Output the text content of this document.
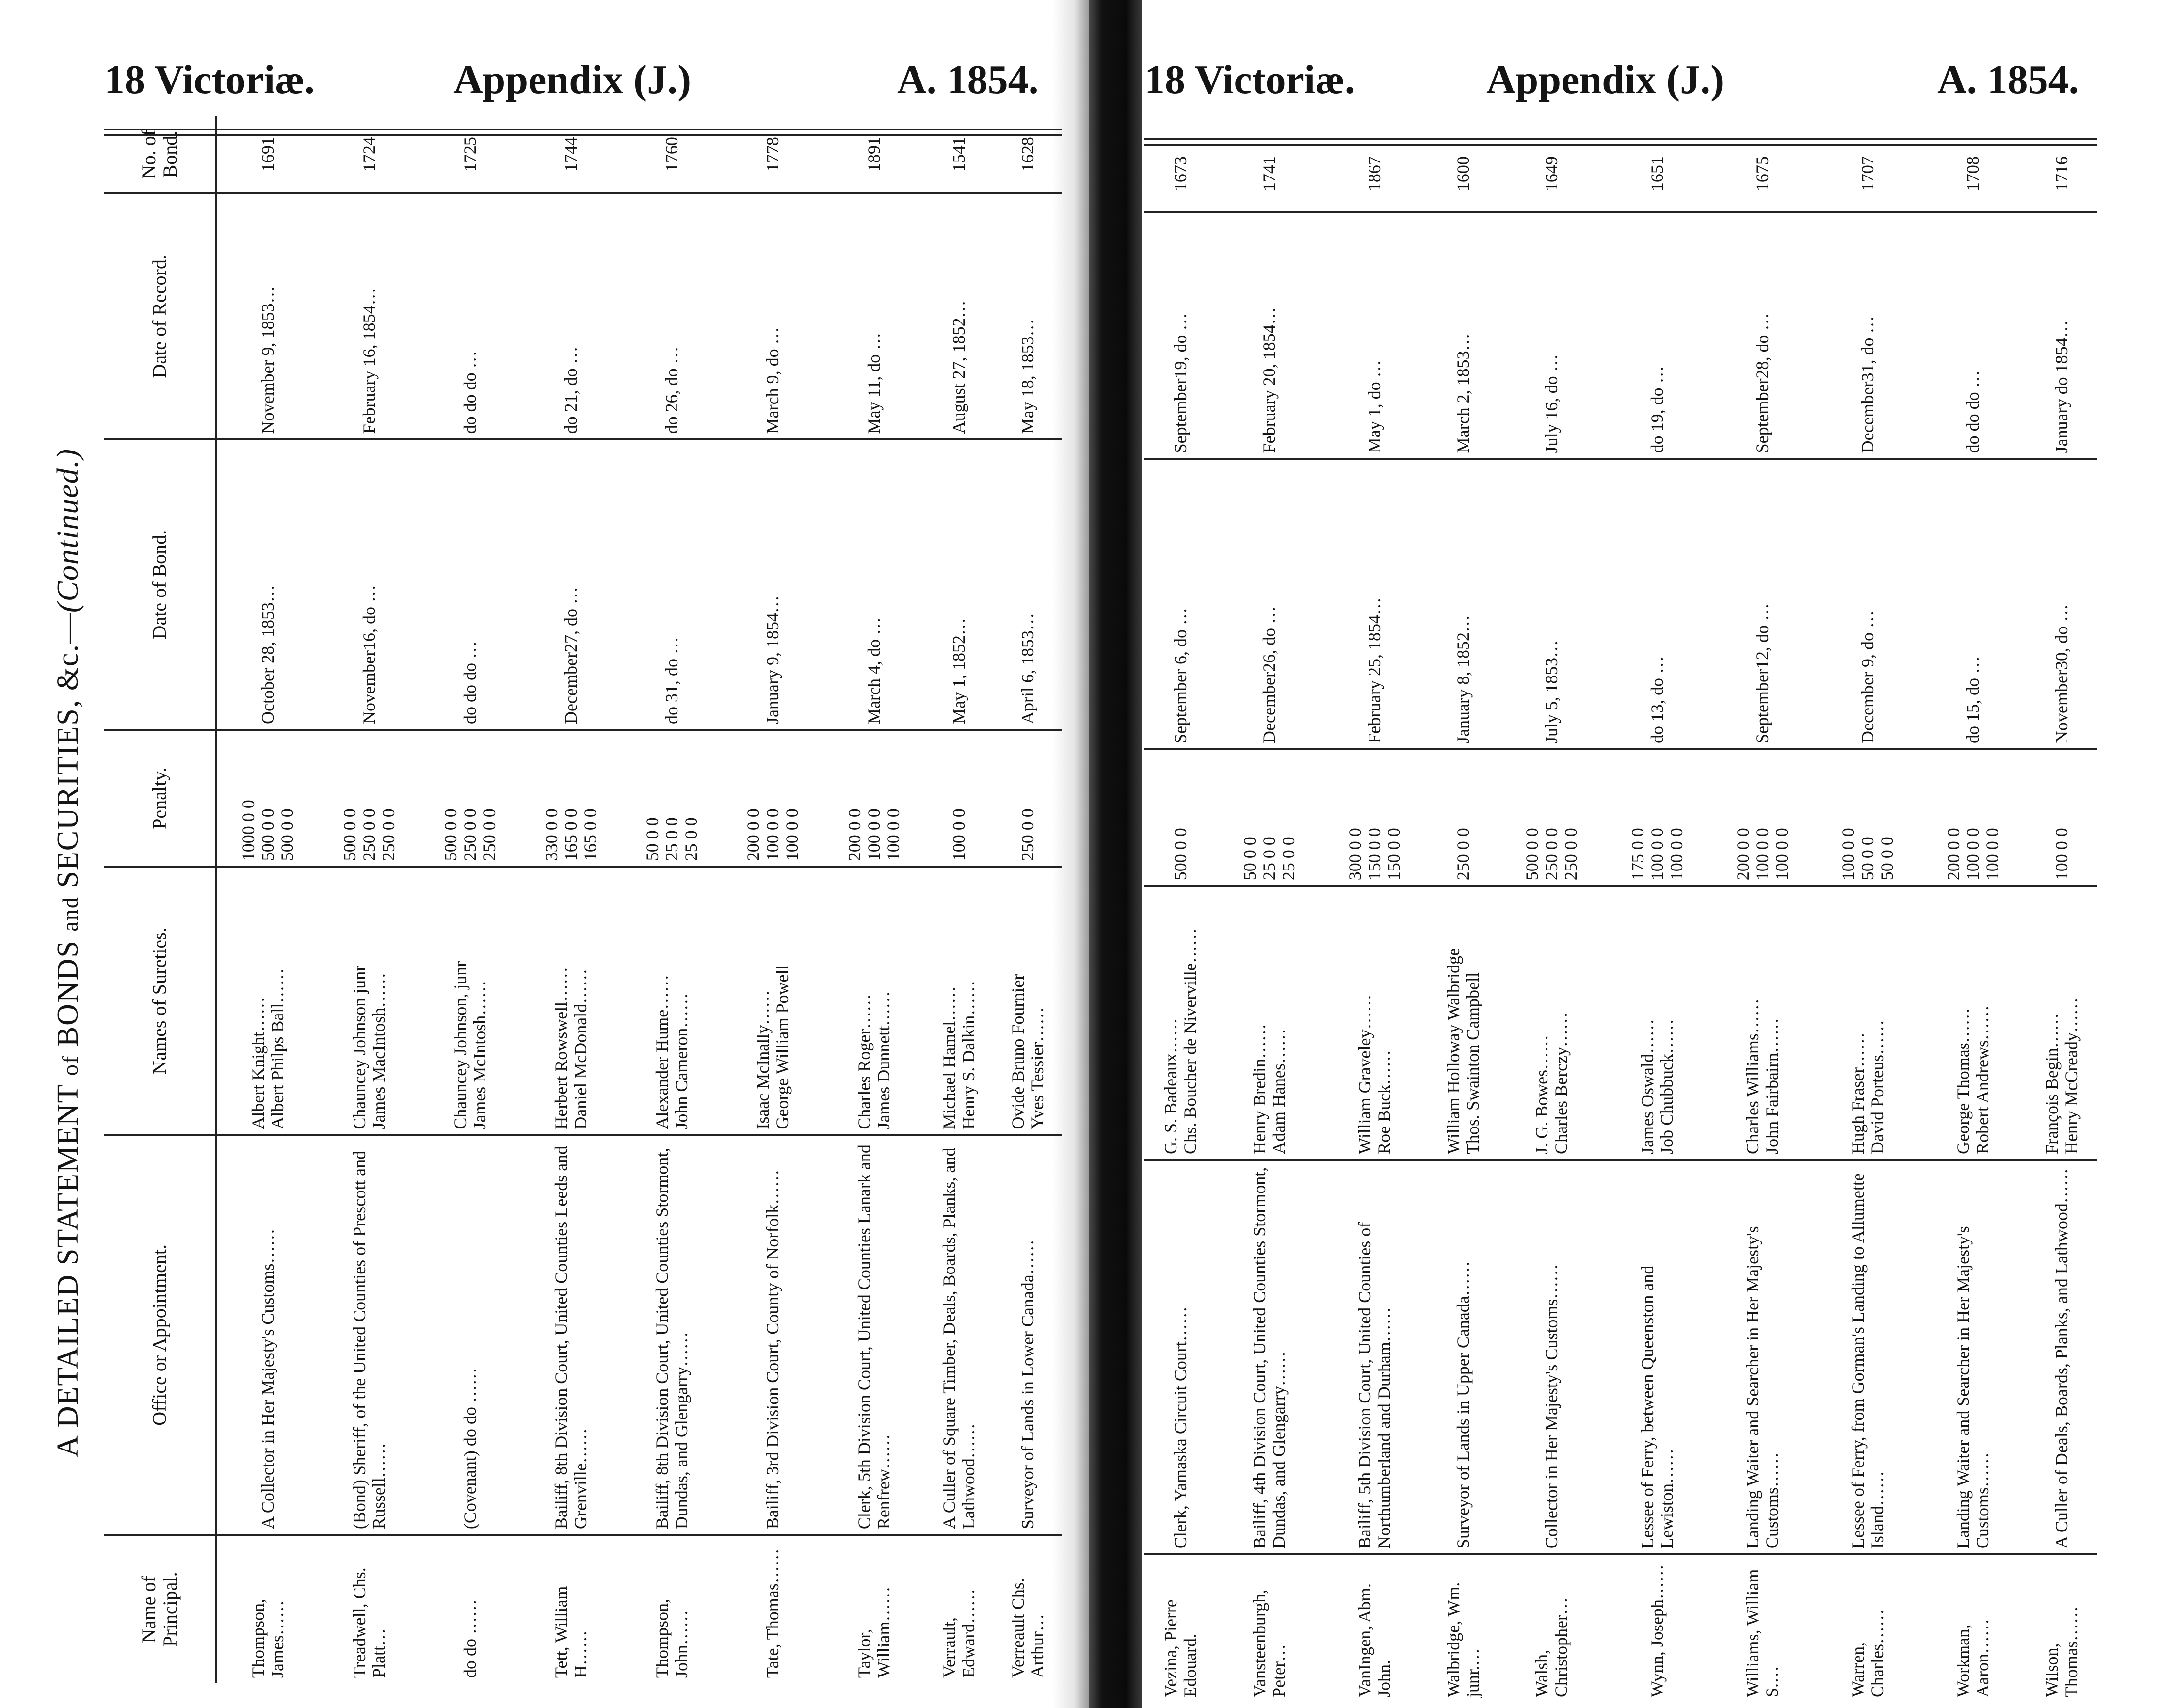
18 Victoriæ.	Appendix (J.)	A. 1854.	18 Victoriæ.	Appendix (J.)	A. 1854.
A DETAILED STATEMENT of BONDS and SECURITIES, &c.—(Continued.)
Name of Principal.	Office or Appointment.	Names of Sureties.	Penalty.	Date of Bond.	Date of Record.	No. of Bond.
Thompson, James……	A Collector in Her Majesty's Customs……	Albert Knight…… Albert Philps Ball……	1000 0 0 500 0 0 500 0 0	October 28, 1853…	November 9, 1853…	1691
Treadwell, Chs. Platt…	(Bond) Sheriff, of the United Counties of Prescott and Russell……	Chauncey Johnson junr James MacIntosh……	500 0 0 250 0 0 250 0 0	November16, do …	February 16, 1854…	1724
do do ……	(Covenant) do do ……	Chauncey Johnson, junr James McIntosh……	500 0 0 250 0 0 250 0 0	do do do …	do do do …	1725
Tett, William H……	Bailiff, 8th Division Court, United Counties Leeds and Grenville……	Herbert Rowswell…… Daniel McDonald……	330 0 0 165 0 0 165 0 0	December27, do …	do 21, do …	1744
Thompson, John……	Bailiff, 8th Division Court, United Counties Stormont, Dundas, and Glengarry……	Alexander Hume…… John Cameron……	50 0 0 25 0 0 25 0 0	do 31, do …	do 26, do …	1760
Tate, Thomas……	Bailiff, 3rd Division Court, County of Norfolk……	Isaac McInally…… George William Powell	200 0 0 100 0 0 100 0 0	January 9, 1854…	March 9, do …	1778
Taylor, William……	Clerk, 5th Division Court, United Counties Lanark and Renfrew……	Charles Roger…… James Dunnett……	200 0 0 100 0 0 100 0 0	March 4, do …	May 11, do …	1891
Verrault, Edward……	A Culler of Square Timber, Deals, Boards, Planks, and Lathwood……	Michael Hamel…… Henry S. Dalkin……	100 0 0	May 1, 1852…	August 27, 1852…	1541
Verreault Chs. Arthur…	Surveyor of Lands in Lower Canada……	Ovide Bruno Fournier Yves Tessier……	250 0 0	April 6, 1853…	May 18, 1853…	1628
Vezina, Pierre Edouard.	Clerk, Yamaska Circuit Court……	G. S. Badeaux…… Chs. Boucher de Niverville……	500 0 0	September 6, do …	September19, do …	1673
Vansteenburgh, Peter…	Bailiff, 4th Division Court, United Counties Stormont, Dundas, and Glengarry……	Henry Bredin…… Adam Hanes……	50 0 0 25 0 0 25 0 0	December26, do …	February 20, 1854…	1741
VanIngen, Abm. John.	Bailiff, 5th Division Court, United Counties of Northumberland and Durham……	William Graveley…… Roe Buck……	300 0 0 150 0 0 150 0 0	February 25, 1854…	May 1, do …	1867
Walbridge, Wm. junr.…	Surveyor of Lands in Upper Canada……	William Holloway Walbridge Thos. Swainton Campbell	250 0 0	January 8, 1852…	March 2, 1853…	1600
Walsh, Christopher…	Collector in Her Majesty's Customs……	J. G. Bowes…… Charles Berczy……	500 0 0 250 0 0 250 0 0	July 5, 1853…	July 16, do …	1649
Wynn, Joseph……	Lessee of Ferry, between Queenston and Lewiston……	James Oswald…… Job Chubbuck……	175 0 0 100 0 0 100 0 0	do 13, do …	do 19, do …	1651
Williams, William S.…	Landing Waiter and Searcher in Her Majesty's Customs……	Charles Williams…… John Fairbairn……	200 0 0 100 0 0 100 0 0	September12, do …	September28, do …	1675
Warren, Charles……	Lessee of Ferry, from Gorman's Landing to Allumette Island……	Hugh Fraser…… David Porteus……	100 0 0 50 0 0 50 0 0	December 9, do …	December31, do …	1707
Workman, Aaron……	Landing Waiter and Searcher in Her Majesty's Customs……	George Thomas…… Robert Andrews……	200 0 0 100 0 0 100 0 0	do 15, do …	do do do …	1708
Wilson, Thomas……	A Culler of Deals, Boards, Planks, and Lathwood……	François Begin…… Henry McCready……	100 0 0	November30, do …	January do 1854…	1716
